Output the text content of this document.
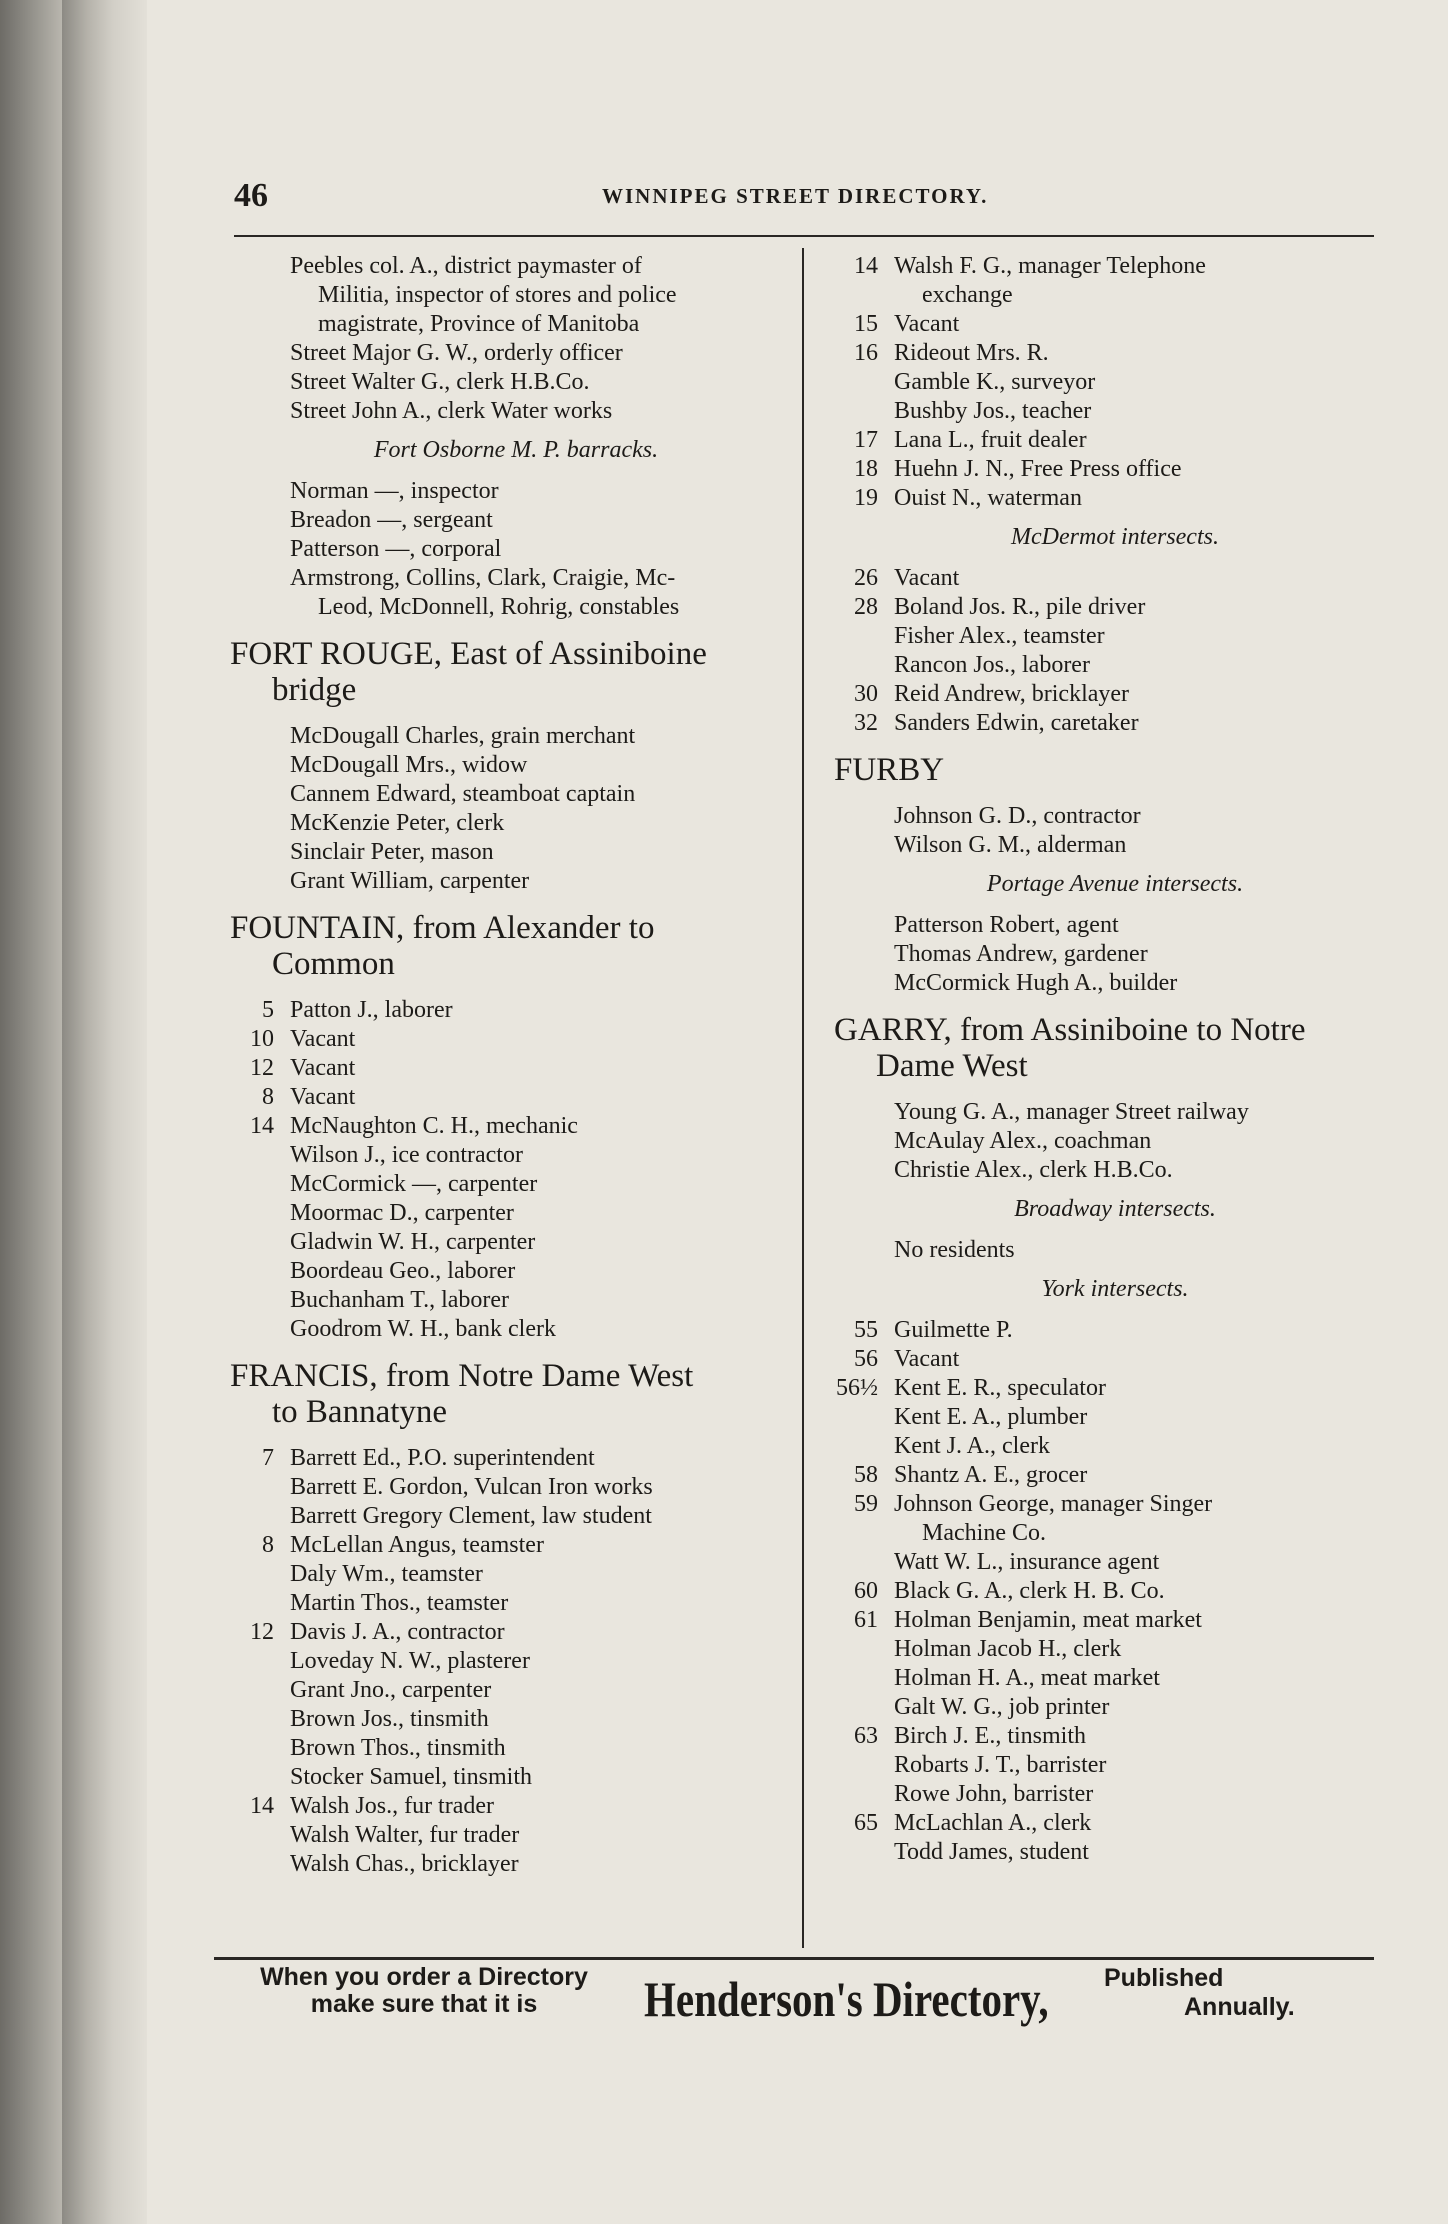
46	WINNIPEG STREET DIRECTORY.
Peebles col. A., district paymaster of
Militia, inspector of stores and police
magistrate, Province of Manitoba
Street Major G. W., orderly officer
Street Walter G., clerk H.B.Co.
Street John A., clerk Water works
Fort Osborne M. P. barracks.
Norman —, inspector
Breadon —, sergeant
Patterson —, corporal
Armstrong, Collins, Clark, Craigie, Mc-
Leod, McDonnell, Rohrig, constables
FORT ROUGE, East of Assiniboine
bridge
McDougall Charles, grain merchant
McDougall Mrs., widow
Cannem Edward, steamboat captain
McKenzie Peter, clerk
Sinclair Peter, mason
Grant William, carpenter
FOUNTAIN, from Alexander to
Common
5 Patton J., laborer
10 Vacant
12 Vacant
8 Vacant
14 McNaughton C. H., mechanic
Wilson J., ice contractor
McCormick —, carpenter
Moormac D., carpenter
Gladwin W. H., carpenter
Boordeau Geo., laborer
Buchanham T., laborer
Goodrom W. H., bank clerk
FRANCIS, from Notre Dame West
to Bannatyne
7 Barrett Ed., P.O. superintendent
Barrett E. Gordon, Vulcan Iron works
Barrett Gregory Clement, law student
8 McLellan Angus, teamster
Daly Wm., teamster
Martin Thos., teamster
12 Davis J. A., contractor
Loveday N. W., plasterer
Grant Jno., carpenter
Brown Jos., tinsmith
Brown Thos., tinsmith
Stocker Samuel, tinsmith
14 Walsh Jos., fur trader
Walsh Walter, fur trader
Walsh Chas., bricklayer
14 Walsh F. G., manager Telephone
exchange
15 Vacant
16 Rideout Mrs. R.
Gamble K., surveyor
Bushby Jos., teacher
17 Lana L., fruit dealer
18 Huehn J. N., Free Press office
19 Ouist N., waterman
McDermot intersects.
26 Vacant
28 Boland Jos. R., pile driver
Fisher Alex., teamster
Rancon Jos., laborer
30 Reid Andrew, bricklayer
32 Sanders Edwin, caretaker
FURBY
Johnson G. D., contractor
Wilson G. M., alderman
Portage Avenue intersects.
Patterson Robert, agent
Thomas Andrew, gardener
McCormick Hugh A., builder
GARRY, from Assiniboine to Notre
Dame West
Young G. A., manager Street railway
McAulay Alex., coachman
Christie Alex., clerk H.B.Co.
Broadway intersects.
No residents
York intersects.
55 Guilmette P.
56 Vacant
56½ Kent E. R., speculator
Kent E. A., plumber
Kent J. A., clerk
58 Shantz A. E., grocer
59 Johnson George, manager Singer
Machine Co.
Watt W. L., insurance agent
60 Black G. A., clerk H. B. Co.
61 Holman Benjamin, meat market
Holman Jacob H., clerk
Holman H. A., meat market
Galt W. G., job printer
63 Birch J. E., tinsmith
Robarts J. T., barrister
Rowe John, barrister
65 McLachlan A., clerk
Todd James, student
When you order a Directory
make sure that it is	Henderson's Directory, Published
Annually.
